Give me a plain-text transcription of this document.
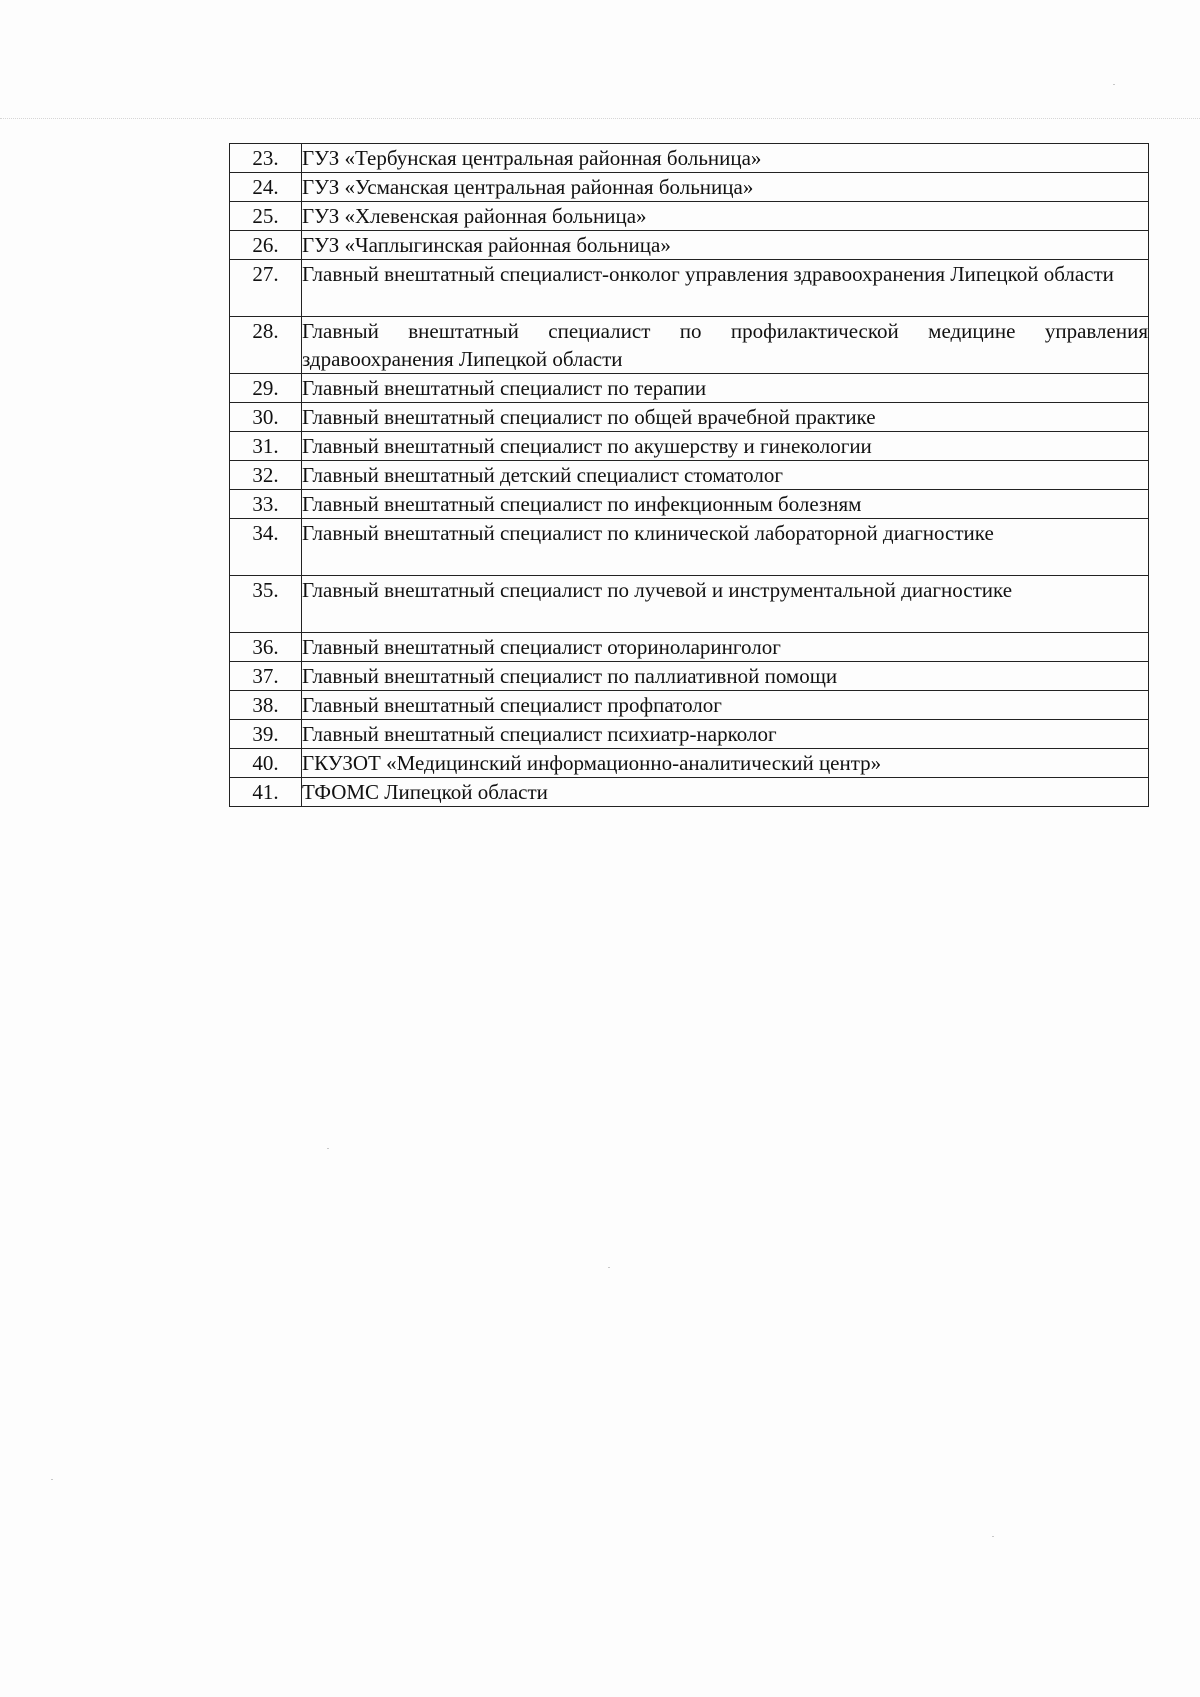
23.	ГУЗ «Тербунская центральная районная больница»
24.	ГУЗ «Усманская центральная районная больница»
25.	ГУЗ «Хлевенская районная больница»
26.	ГУЗ «Чаплыгинская районная больница»
27.	Главный внештатный специалист-онколог управления здравоохранения Липецкой области
28.	Главный внештатный специалист по профилактической медицине управления здравоохранения Липецкой области
29.	Главный внештатный специалист по терапии
30.	Главный внештатный специалист по общей врачебной практике
31.	Главный внештатный специалист по акушерству и гинекологии
32.	Главный внештатный детский специалист стоматолог
33.	Главный внештатный специалист по инфекционным болезням
34.	Главный внештатный специалист по клинической лабораторной диагностике
35.	Главный внештатный специалист по лучевой и инструментальной диагностике
36.	Главный внештатный специалист оториноларинголог
37.	Главный внештатный специалист по паллиативной помощи
38.	Главный внештатный специалист профпатолог
39.	Главный внештатный специалист психиатр-нарколог
40.	ГКУЗОТ «Медицинский информационно-аналитический центр»
41.	ТФОМС Липецкой области
